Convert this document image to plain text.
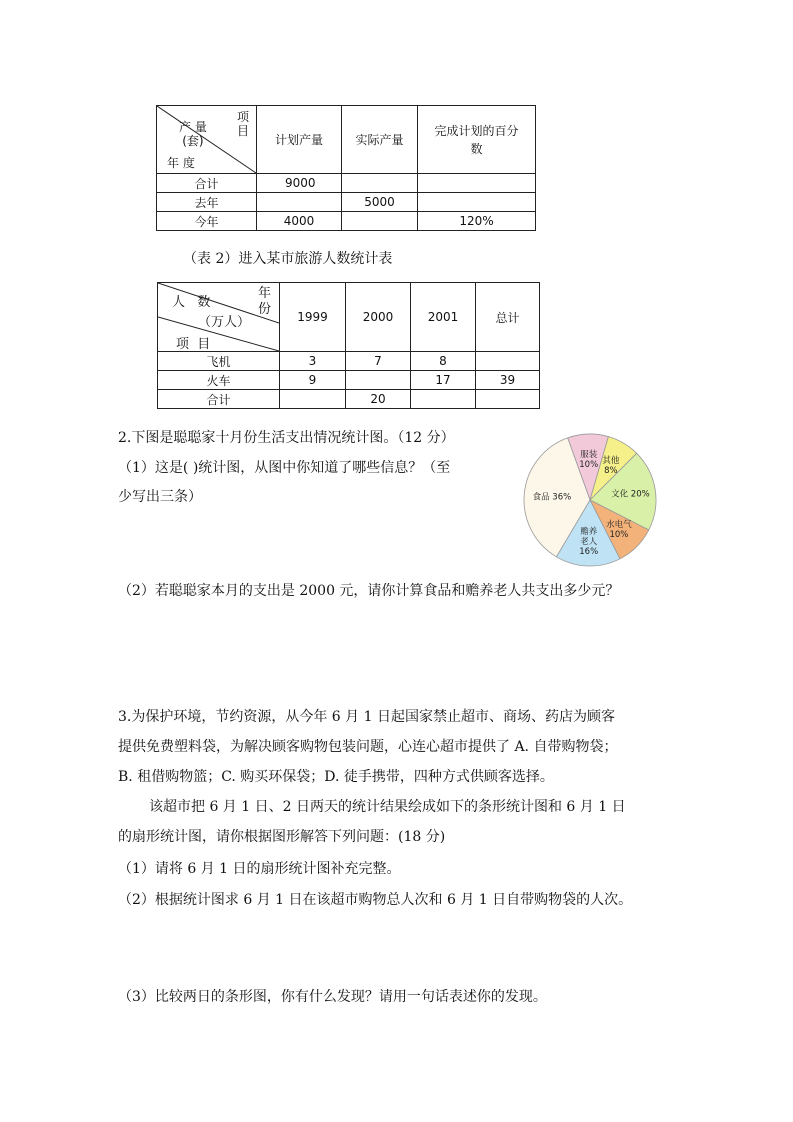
项
目
产 量
(套)
年 度	计划产量	实际产量	完成计划的百分
数
合计	9000		
去年		5000	
今年	4000		120%
（表 2）进入某市旅游人数统计表
年
份
人   数
（万人）
项  目	1999	2000	2001	总计
飞机	3	7	8	
火车	9		17	39
合计		20		
2.下图是聪聪家十月份生活支出情况统计图。（12 分）
（1）这是( )统计图，从图中你知道了哪些信息？（至
少写出三条）
服装 10% 其他 8%
文化 20%
水电气 10%
赡养老人 16%
食品 36%
（2）若聪聪家本月的支出是 2000 元，请你计算食品和赡养老人共支出多少元？
3.为保护环境，节约资源，从今年 6 月 1 日起国家禁止超市、商场、药店为顾客
提供免费塑料袋，为解决顾客购物包装问题，心连心超市提供了 A. 自带购物袋；
B. 租借购物篮；C. 购买环保袋；D. 徒手携带，四种方式供顾客选择。
该超市把 6 月 1 日、2 日两天的统计结果绘成如下的条形统计图和 6 月 1 日
的扇形统计图，请你根据图形解答下列问题：(18 分)
（1）请将 6 月 1 日的扇形统计图补充完整。
（2）根据统计图求 6 月 1 日在该超市购物总人次和 6 月 1 日自带购物袋的人次。
（3）比较两日的条形图，你有什么发现？请用一句话表述你的发现。
